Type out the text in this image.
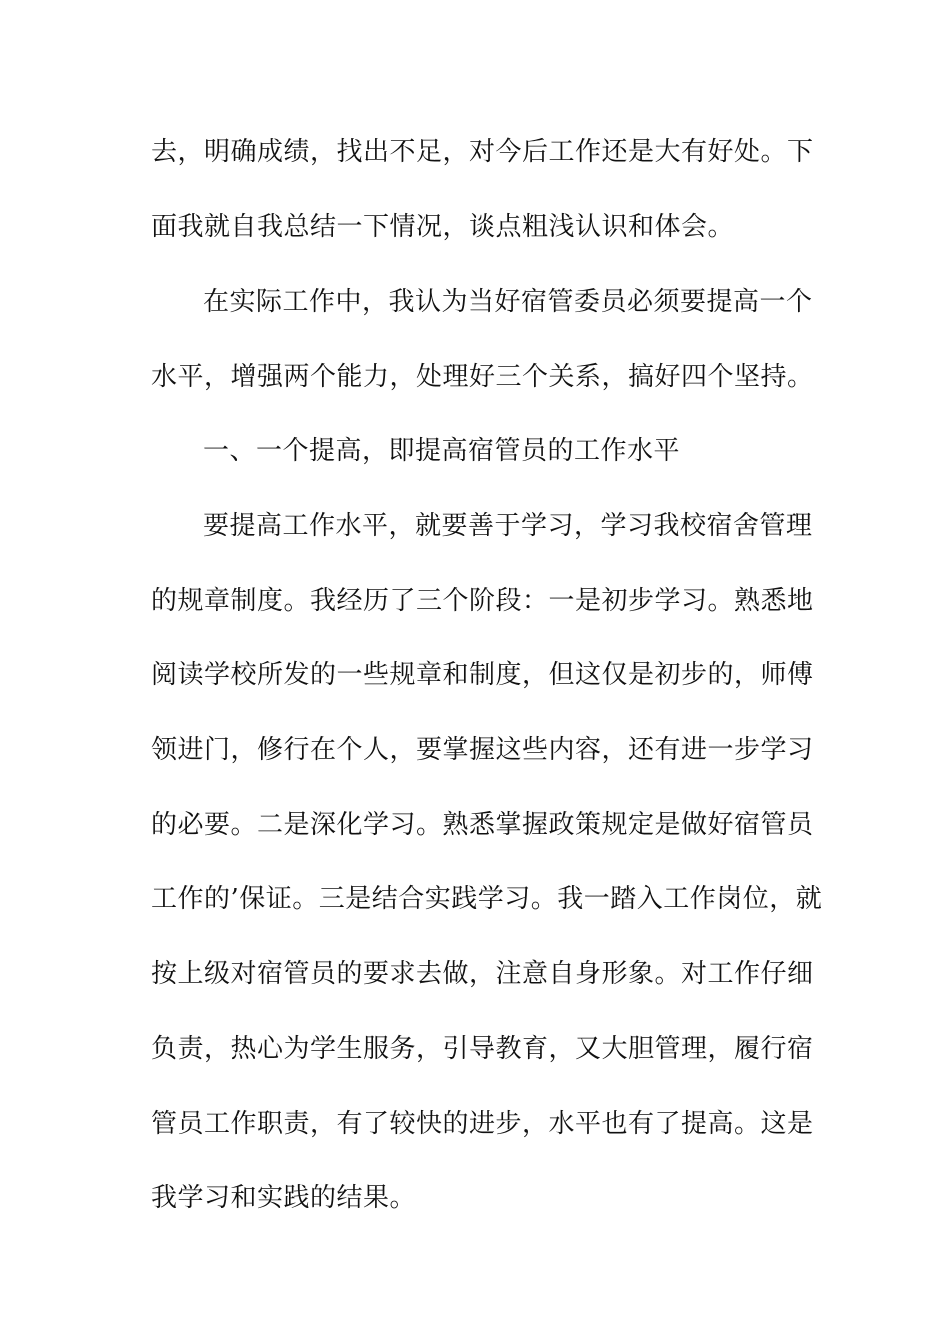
去，明确成绩，找出不足，对今后工作还是大有好处。下

面我就自我总结一下情况，谈点粗浅认识和体会。

在实际工作中，我认为当好宿管委员必须要提高一个

水平，增强两个能力，处理好三个关系，搞好四个坚持。

一、一个提高，即提高宿管员的工作水平

要提高工作水平，就要善于学习，学习我校宿舍管理

的规章制度。我经历了三个阶段：一是初步学习。熟悉地

阅读学校所发的一些规章和制度，但这仅是初步的，师傅

领进门，修行在个人，要掌握这些内容，还有进一步学习

的必要。二是深化学习。熟悉掌握政策规定是做好宿管员

工作的’保证。三是结合实践学习。我一踏入工作岗位，就

按上级对宿管员的要求去做，注意自身形象。对工作仔细

负责，热心为学生服务，引导教育，又大胆管理，履行宿

管员工作职责，有了较快的进步，水平也有了提高。这是

我学习和实践的结果。
